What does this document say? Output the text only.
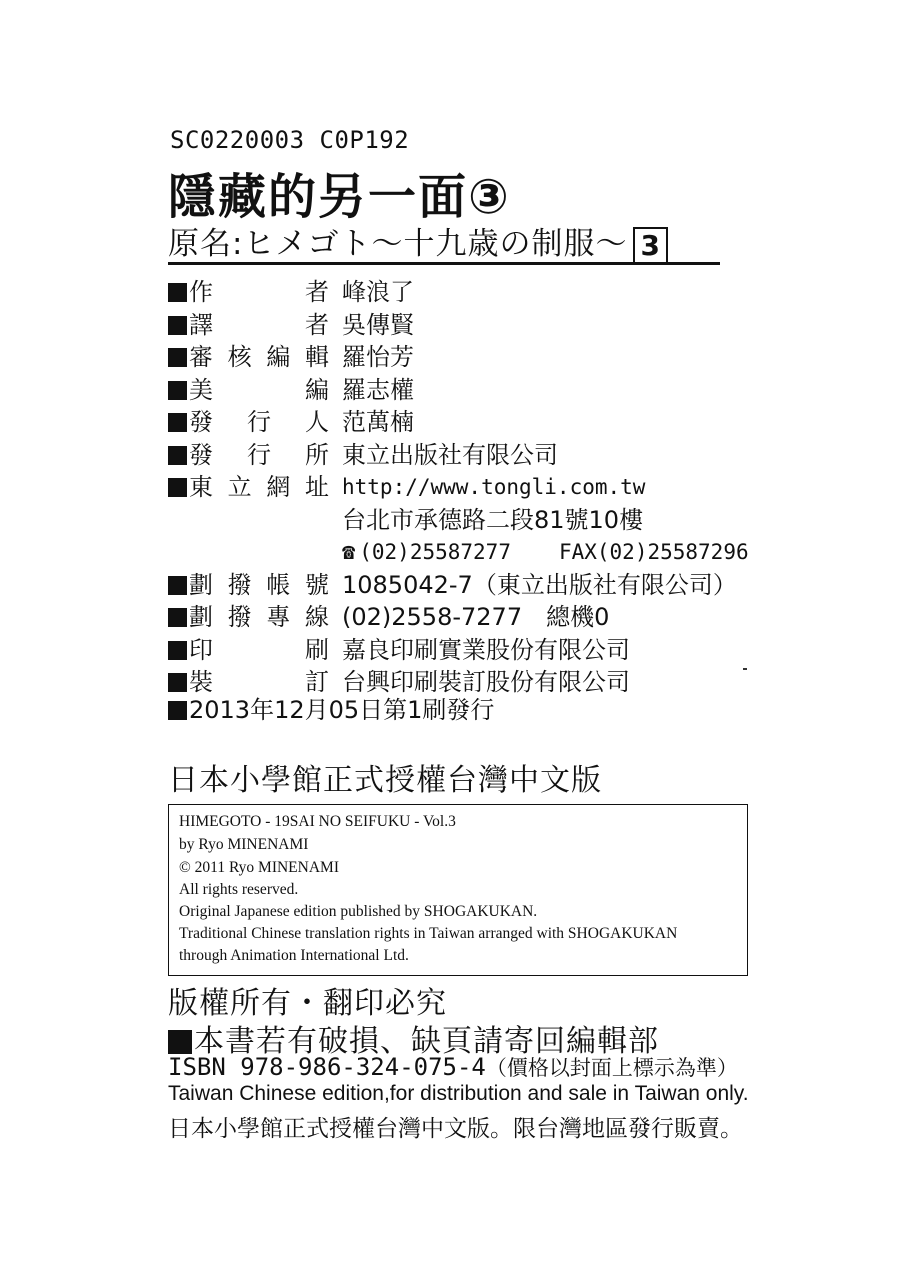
SC0220003 C0P192
隱藏的另一面③
原名:ヒメゴト〜十九歳の制服〜 3
作　者 峰浪了
譯　者 吳傳賢
審核編輯 羅怡芳
美　編 羅志權
發行人 范萬楠
發行所 東立出版社有限公司
東立網址 http://www.tongli.com.tw
台北市承德路二段81號10樓
☎ (02)25587277 FAX(02)25587296
劃撥帳號 1085042-7（東立出版社有限公司）
劃撥專線 (02)2558-7277　總機0
印　刷 嘉良印刷實業股份有限公司
裝　訂 台興印刷裝訂股份有限公司
2013年12月05日第1刷發行
日本小學館正式授權台灣中文版
HIMEGOTO - 19SAI NO SEIFUKU - Vol.3
by Ryo MINENAMI
© 2011 Ryo MINENAMI
All rights reserved.
Original Japanese edition published by SHOGAKUKAN.
Traditional Chinese translation rights in Taiwan arranged with SHOGAKUKAN
through Animation International Ltd.
版權所有・翻印必究
本書若有破損、缺頁請寄回編輯部
ISBN 978-986-324-075-4（價格以封面上標示為準）
Taiwan Chinese edition,for distribution and sale in Taiwan only.
日本小學館正式授權台灣中文版。限台灣地區發行販賣。
